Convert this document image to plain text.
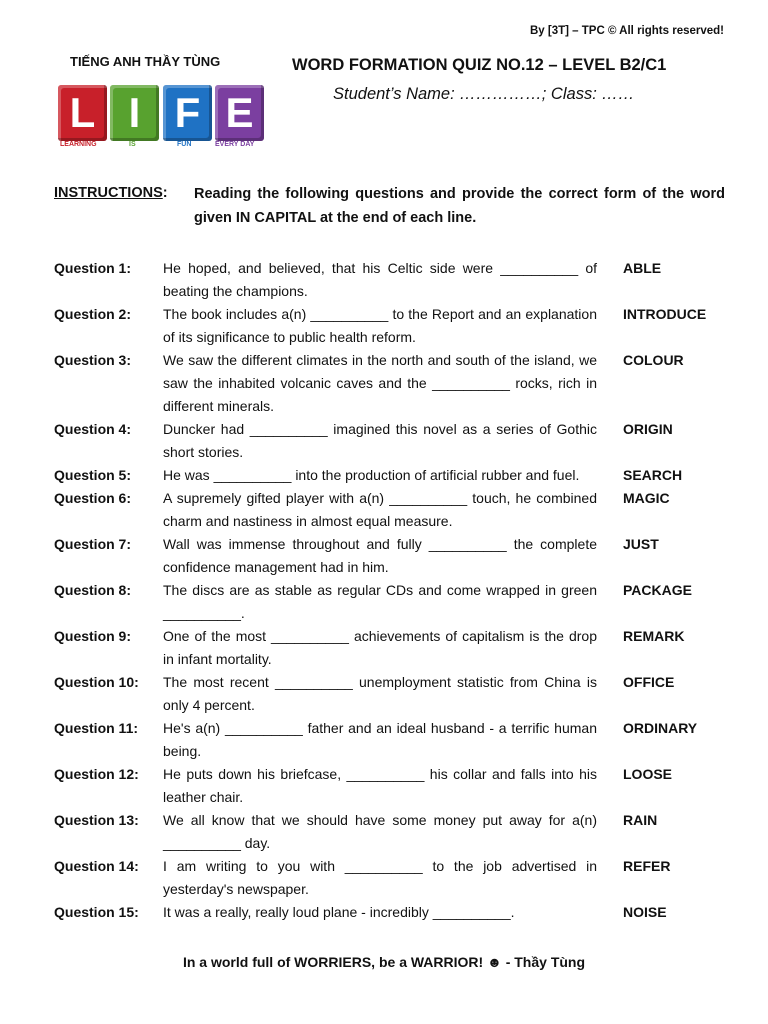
By [3T] – TPC © All rights reserved!
TIẾNG ANH THẦY TÙNG
L I F E
LEARNING	IS	FUN	EVERY DAY
WORD FORMATION QUIZ NO.12 – LEVEL B2/C1
Student’s Name: ……………; Class: ……
INSTRUCTIONS: Reading the following questions and provide the correct form of the word given IN CAPITAL at the end of each line.
Question 1:	He hoped, and believed, that his Celtic side were __________ of beating the champions.
ABLE
Question 2:	The book includes a(n) __________ to the Report and an explanation of its significance to public health reform.
INTRODUCE
Question 3:	We saw the different climates in the north and south of the island, we saw the inhabited volcanic caves and the __________ rocks, rich in different minerals.
COLOUR
Question 4:	Duncker had __________ imagined this novel as a series of Gothic short stories.
ORIGIN
Question 5:	He was __________ into the production of artificial rubber and fuel.	SEARCH
Question 6:	A supremely gifted player with a(n) __________ touch, he combined charm and nastiness in almost equal measure.
MAGIC
Question 7:	Wall was immense throughout and fully __________ the complete confidence management had in him.
JUST
Question 8:	The discs are as stable as regular CDs and come wrapped in green __________.
PACKAGE
Question 9:	One of the most __________ achievements of capitalism is the drop in infant mortality.
REMARK
Question 10:	The most recent __________ unemployment statistic from China is only 4 percent.
OFFICE
Question 11:	He's a(n) __________ father and an ideal husband - a terrific human being.
ORDINARY
Question 12:	He puts down his briefcase, __________ his collar and falls into his leather chair.
LOOSE
Question 13:	We all know that we should have some money put away for a(n) __________ day.
RAIN
Question 14:	I am writing to you with __________ to the job advertised in yesterday's newspaper.
REFER
Question 15:	It was a really, really loud plane - incredibly __________.	NOISE
In a world full of WORRIERS, be a WARRIOR! ☻ - Thầy Tùng
